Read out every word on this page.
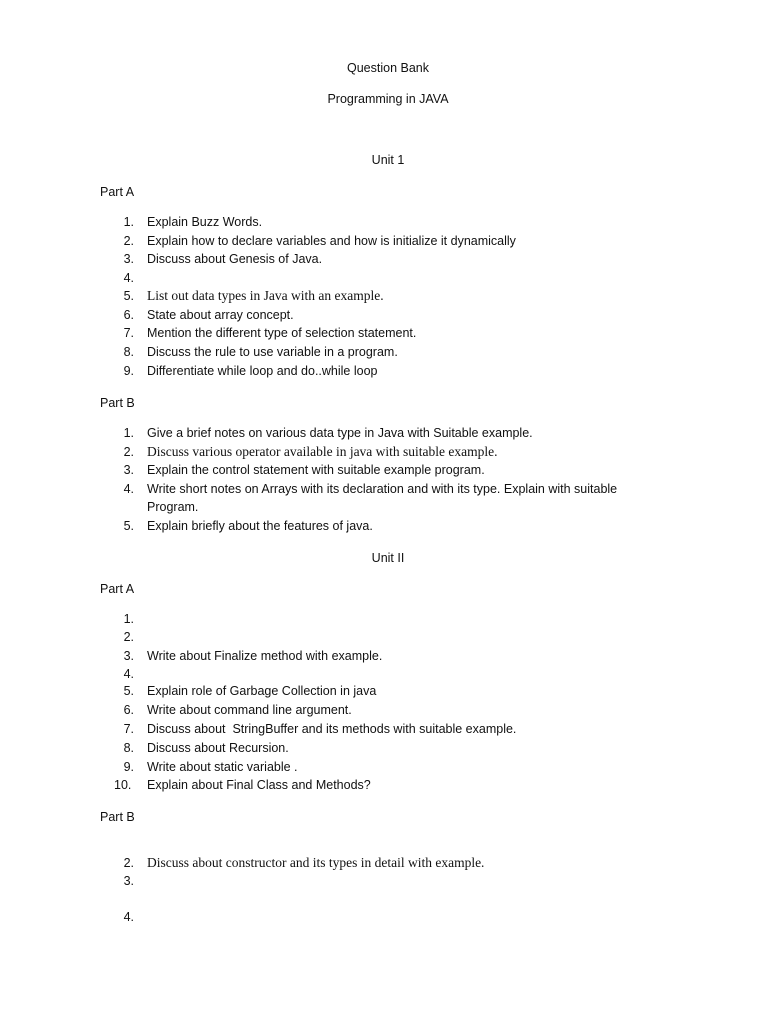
Question Bank
Programming in JAVA
Unit 1
Part A
1. Explain Buzz Words.
2. Explain how to declare variables and how is initialize it dynamically
3. Discuss about Genesis of Java.
4.
5. List out data types in Java with an example.
6. State about array concept.
7. Mention the different type of selection statement.
8. Discuss the rule to use variable in a program.
9. Differentiate while loop and do..while loop
Part B
1. Give a brief notes on various data type in Java with Suitable example.
2. Discuss various operator available in java with suitable example.
3. Explain the control statement with suitable example program.
4. Write short notes on Arrays with its declaration and with its type. Explain with suitable
Program.
5. Explain briefly about the features of java.
Unit II
Part A
1.
2.
3. Write about Finalize method with example.
4.
5. Explain role of Garbage Collection in java
6. Write about command line argument.
7. Discuss about  StringBuffer and its methods with suitable example.
8. Discuss about Recursion.
9. Write about static variable .
10.	Explain about Final Class and Methods?
Part B
2. Discuss about constructor and its types in detail with example.
3.
4.
